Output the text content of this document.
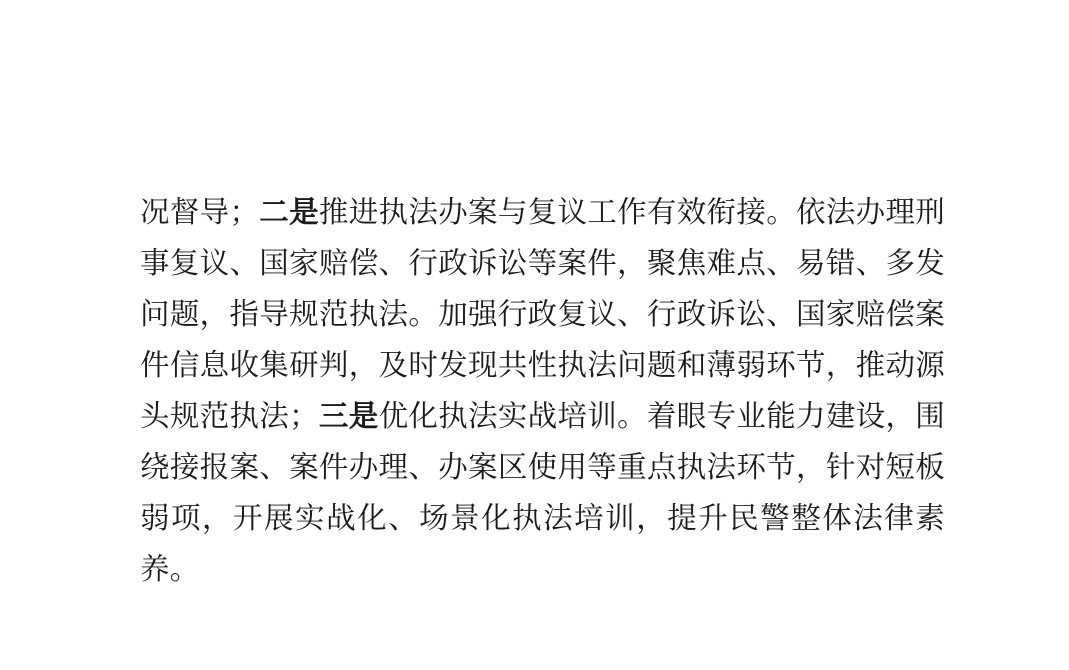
况督导；二是推进执法办案与复议工作有效衔接。依法办理刑事复议、国家赔偿、行政诉讼等案件，聚焦难点、易错、多发问题，指导规范执法。加强行政复议、行政诉讼、国家赔偿案件信息收集研判，及时发现共性执法问题和薄弱环节，推动源头规范执法；三是优化执法实战培训。着眼专业能力建设，围绕接报案、案件办理、办案区使用等重点执法环节，针对短板弱项，开展实战化、场景化执法培训，提升民警整体法律素养。
